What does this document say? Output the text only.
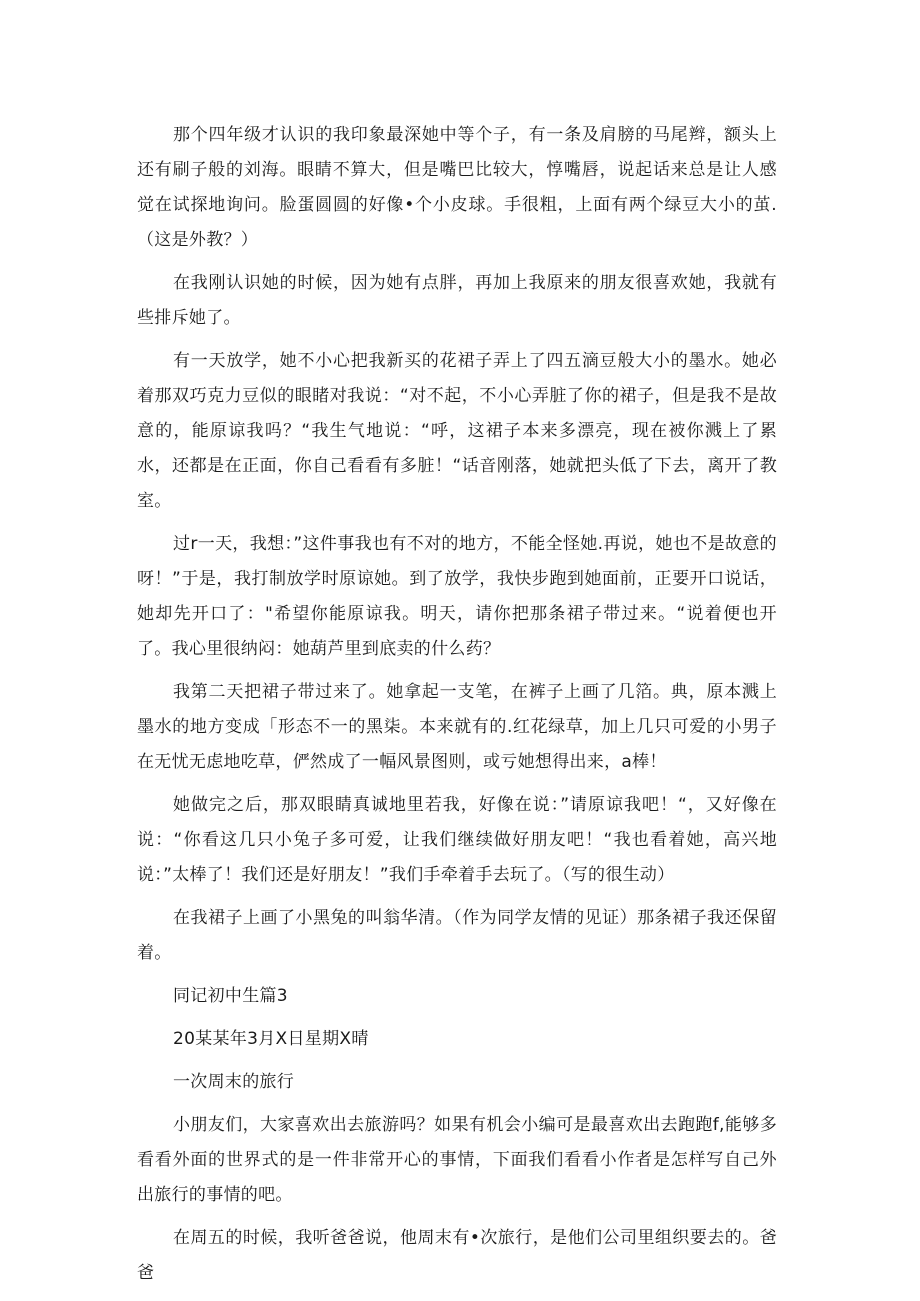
那个四年级才认识的我印象最深她中等个子，有一条及肩膀的马尾辫，额头上还有刷子般的刘海。眼睛不算大，但是嘴巴比较大，惇嘴唇，说起话来总是让人感觉在试探地询问。脸蛋圆圆的好像•个小皮球。手很粗，上面有两个绿豆大小的茧.（这是外教？）

在我刚认识她的时候，因为她有点胖，再加上我原来的朋友很喜欢她，我就有些排斥她了。

有一天放学，她不小心把我新买的花裙子弄上了四五滴豆般大小的墨水。她必着那双巧克力豆似的眼睹对我说：“对不起，不小心弄脏了你的裙子，但是我不是故意的，能原谅我吗？“我生气地说：“呼，这裙子本来多漂亮，现在被你溅上了累水，还都是在正面，你自己看看有多脏！“话音刚落，她就把头低了下去，离开了教室。

过r一天，我想：”这件事我也有不对的地方，不能全怪她.再说，她也不是故意的呀！”于是，我打制放学时原谅她。到了放学，我快步跑到她面前，正要开口说话，她却先开口了："希望你能原谅我。明天，请你把那条裙子带过来。“说着便也开了。我心里很纳闷：她葫芦里到底卖的什么药？

我第二天把裙子带过来了。她拿起一支笔，在裤子上画了几箔。典，原本溅上墨水的地方变成「形态不一的黑柒。本来就有的.红花绿草，加上几只可爱的小男子在无忧无虑地吃草，俨然成了一幅风景图则，或亏她想得出来，a棒！

她做完之后，那双眼睛真诚地里若我，好像在说：”请原谅我吧！“，又好像在说：“你看这几只小兔子多可爱，让我们继续做好朋友吧！“我也看着她，高兴地说：”太棒了！我们还是好朋友！”我们手牵着手去玩了。（写的很生动）

在我裙子上画了小黑兔的叫翁华清。（作为同学友情的见证）那条裙子我还保留着。

同记初中生篇3

20某某年3月X日星期X晴

一次周末的旅行

小朋友们，大家喜欢出去旅游吗？如果有机会小编可是最喜欢出去跑跑f,能够多看看外面的世界式的是一件非常开心的事情，下面我们看看小作者是怎样写自己外出旅行的事情的吧。

在周五的时候，我听爸爸说，他周末有•次旅行，是他们公司里组织要去的。爸爸
